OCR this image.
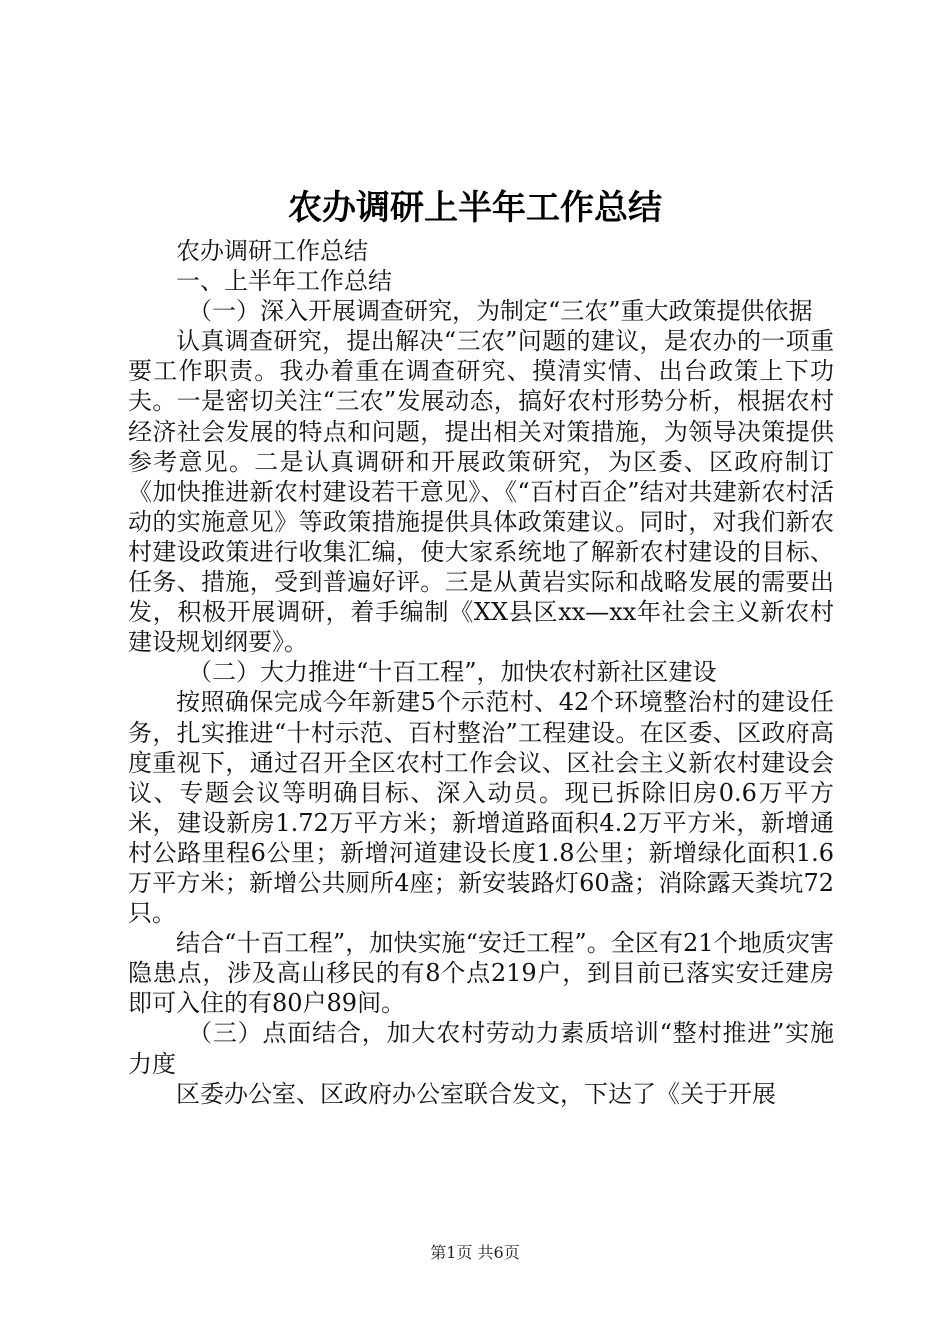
农办调研上半年工作总结

农办调研工作总结

一、上半年工作总结

（一）深入开展调查研究，为制定“三农”重大政策提供依据

认真调查研究，提出解决“三农”问题的建议，是农办的一项重要工作职责。我办着重在调查研究、摸清实情、出台政策上下功夫。一是密切关注“三农”发展动态，搞好农村形势分析，根据农村经济社会发展的特点和问题，提出相关对策措施，为领导决策提供参考意见。二是认真调研和开展政策研究，为区委、区政府制订《加快推进新农村建设若干意见》、《“百村百企”结对共建新农村活动的实施意见》等政策措施提供具体政策建议。同时，对我们新农村建设政策进行收集汇编，使大家系统地了解新农村建设的目标、任务、措施，受到普遍好评。三是从黄岩实际和战略发展的需要出发，积极开展调研，着手编制《XX县区xx—xx年社会主义新农村建设规划纲要》。

（二）大力推进“十百工程”，加快农村新社区建设

按照确保完成今年新建5个示范村、42个环境整治村的建设任务，扎实推进“十村示范、百村整治”工程建设。在区委、区政府高度重视下，通过召开全区农村工作会议、区社会主义新农村建设会议、专题会议等明确目标、深入动员。现已拆除旧房0.6万平方米，建设新房1.72万平方米；新增道路面积4.2万平方米，新增通村公路里程6公里；新增河道建设长度1.8公里；新增绿化面积1.6万平方米；新增公共厕所4座；新安装路灯60盏；消除露天粪坑72只。

结合“十百工程”，加快实施“安迁工程”。全区有21个地质灾害隐患点，涉及高山移民的有8个点219户，到目前已落实安迁建房即可入住的有80户89间。

（三）点面结合，加大农村劳动力素质培训“整村推进”实施力度

区委办公室、区政府办公室联合发文，下达了《关于开展

第1页 共6页
